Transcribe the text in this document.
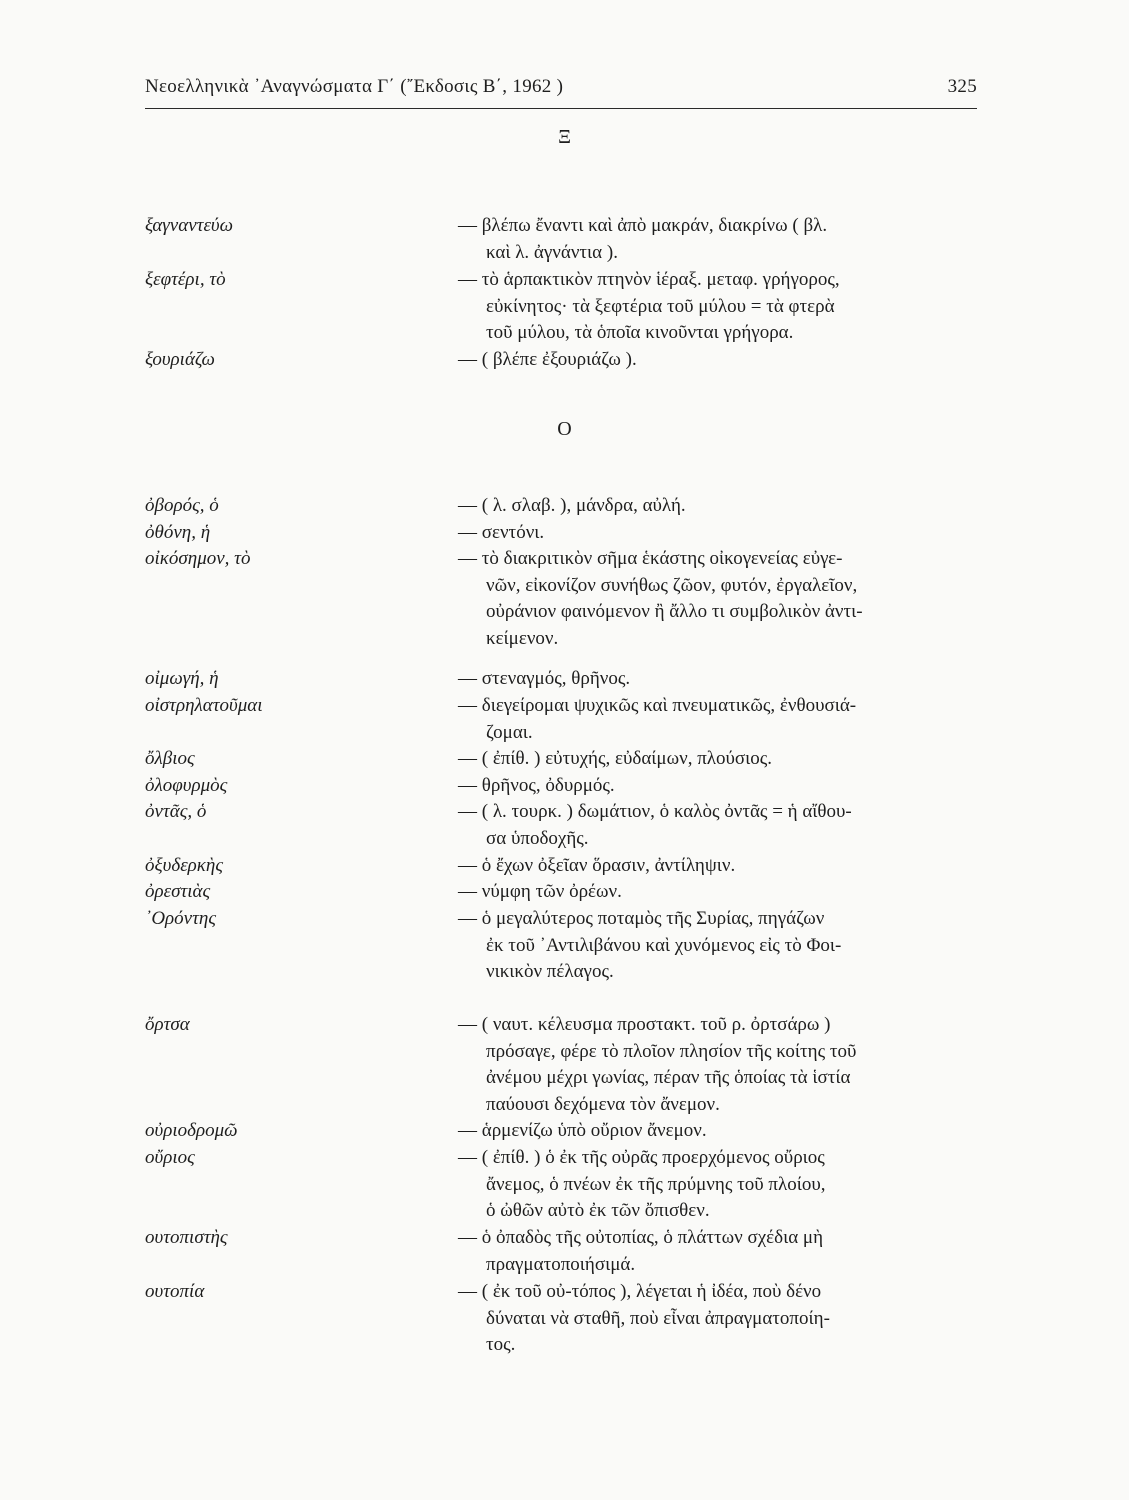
Νεοελληνικὰ ᾿Αναγνώσματα Γ΄ (῎Εκδοσις Β΄, 1962 )	325
Ξ
ξαγναντεύω	— βλέπω ἔναντι καὶ ἀπὸ μακράν, διακρίνω ( βλ.
καὶ λ. ἀγνάντια ).
ξεφτέρι, τὸ	— τὸ ἁρπακτικὸν πτηνὸν ἱέραξ. μεταφ. γρήγορος,
εὐκίνητος· τὰ ξεφτέρια τοῦ μύλου = τὰ φτερὰ
τοῦ μύλου, τὰ ὁποῖα κινοῦνται γρήγορα.
ξουριάζω	— ( βλέπε ἐξουριάζω ).
Ο
ὀβορός, ὁ	— ( λ. σλαβ. ), μάνδρα, αὐλή.
ὀθόνη, ἡ	— σεντόνι.
οἰκόσημον, τὸ	— τὸ διακριτικὸν σῆμα ἑκάστης οἰκογενείας εὐγε-
νῶν, εἰκονίζον συνήθως ζῶον, φυτόν, ἐργαλεῖον,
οὐράνιον φαινόμενον ἢ ἄλλο τι συμβολικὸν ἀντι-
κείμενον.
οἰμωγή, ἡ	— στεναγμός, θρῆνος.
οἰστρηλατοῦμαι	— διεγείρομαι ψυχικῶς καὶ πνευματικῶς, ἐνθουσιά-
ζομαι.
ὄλβιος	— ( ἐπίθ. ) εὐτυχής, εὐδαίμων, πλούσιος.
ὀλοφυρμὸς	— θρῆνος, ὀδυρμός.
ὀντᾶς, ὁ	— ( λ. τουρκ. ) δωμάτιον, ὁ καλὸς ὀντᾶς = ἡ αἴθου-
σα ὑποδοχῆς.
ὀξυδερκὴς	— ὁ ἔχων ὀξεῖαν ὅρασιν, ἀντίληψιν.
ὀρεστιὰς	— νύμφη τῶν ὀρέων.
᾿Ορόντης	— ὁ μεγαλύτερος ποταμὸς τῆς Συρίας, πηγάζων
ἐκ τοῦ ᾿Αντιλιβάνου καὶ χυνόμενος εἰς τὸ Φοι-
νικικὸν πέλαγος.
ὄρτσα	— ( ναυτ. κέλευσμα προστακτ. τοῦ ρ. ὀρτσάρω )
πρόσαγε, φέρε τὸ πλοῖον πλησίον τῆς κοίτης τοῦ
ἀνέμου μέχρι γωνίας, πέραν τῆς ὁποίας τὰ ἱστία
παύουσι δεχόμενα τὸν ἄνεμον.
οὐριοδρομῶ	— ἁρμενίζω ὑπὸ οὔριον ἄνεμον.
οὔριος	— ( ἐπίθ. ) ὁ ἐκ τῆς οὐρᾶς προερχόμενος οὔριος
ἄνεμος, ὁ πνέων ἐκ τῆς πρύμνης τοῦ πλοίου,
ὁ ὠθῶν αὐτὸ ἐκ τῶν ὄπισθεν.
ουτοπιστὴς	— ὁ ὀπαδὸς τῆς οὐτοπίας, ὁ πλάττων σχέδια μὴ
πραγματοποιήσιμά.
ουτοπία	— ( ἐκ τοῦ οὐ-τόπος ), λέγεται ἡ ἰδέα, ποὺ δένο
δύναται νὰ σταθῆ, ποὺ εἶναι ἀπραγματοποίη-
τος.
